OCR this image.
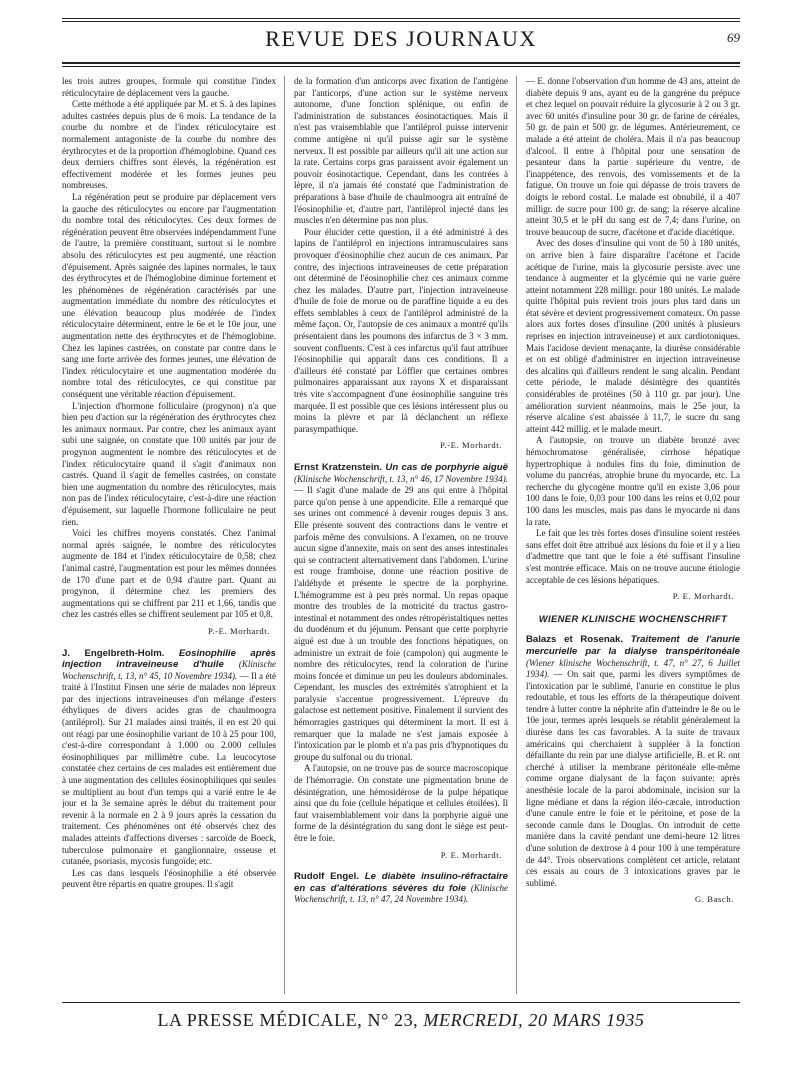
REVUE DES JOURNAUX	69

les trois autres groupes, formule qui constitue l'index réticulocytaire de déplacement vers la gauche.

Cette méthode a été appliquée par M. et S. à des lapines adultes castrées depuis plus de 6 mois. La tendance de la courbe du nombre et de l'index réticulocytaire est normalement antagoniste de la courbe du nombre des érythrocytes et de la proportion d'hémoglobine. Quand ces deux derniers chiffres sont élevés, la régénération est effectivement modérée et les formes jeunes peu nombreuses.

La régénération peut se produire par déplacement vers la gauche des réticulocytes ou encore par l'augmentation du nombre total des réticulocytes. Ces deux formes de régénération peuvent être observées indépendamment l'une de l'autre, la première constituant, surtout si le nombre absolu des réticulocytes est peu augmenté, une réaction d'épuisement. Après saignée des lapines normales, le taux des érythrocytes et de l'hémoglobine diminue fortement et les phénomènes de régénération caractérisés par une augmentation immédiate du nombre des réticulocytes et une élévation beaucoup plus modérée de l'index réticulocytaire déterminent, entre le 6e et le 10e jour, une augmentation nette des érythrocytes et de l'hémoglobine. Chez les lapines castrées, on constate par contre dans le sang une forte arrivée des formes jeunes, une élévation de l'index réticulocytaire et une augmentation modérée du nombre total des réticulocytes, ce qui constitue par conséquent une véritable réaction d'épuisement.

L'injection d'hormone folliculaire (progynon) n'a que bien peu d'action sur la régénération des érythrocytes chez les animaux normaux. Par contre, chez les animaux ayant subi une saignée, on constate que 100 unités par jour de progynon augmentent le nombre des réticulocytes et de l'index réticulocytaire quand il s'agit d'animaux non castrés. Quand il s'agit de femelles castrées, on constate bien une augmentation du nombre des réticulocytes, mais non pas de l'index réticulocytaire, c'est-à-dire une réaction d'épuisement, sur laquelle l'hormone folliculaire ne peut rien.

Voici les chiffres moyens constatés. Chez l'animal normal après saignée, le nombre des réticulocytes augmente de 184 et l'index réticulocytaire de 0,58; chez l'animal castré, l'augmentation est pour les mêmes données de 170 d'une part et de 0,94 d'autre part. Quant au progynon, il détermine chez les premiers des augmentations qui se chiffrent par 211 et 1,66, tandis que chez les castrés elles se chiffrent seulement par 105 et 0,8.

P.-E. Morhardt.

J. Engelbreth-Holm. Eosinophilie après injection intraveineuse d'huile (Klinische Wochenschrift, t. 13, n° 45, 10 Novembre 1934). — Il a été traité à l'Institut Finsen une série de malades non lépreux par des injections intraveineuses d'un mélange d'esters éthyliques de divers acides gras de chaulmoogra (antiléprol). Sur 21 malades ainsi traités, il en est 20 qui ont réagi par une éosinophilie variant de 10 à 25 pour 100, c'est-à-dire correspondant à 1.000 ou 2.000 cellules éosinophiliques par millimètre cube. La leucocytose constatée chez certains de ces malades est entièrement due à une augmentation des cellules éosinophiliques qui seules se multiplient au bout d'un temps qui a varié entre le 4e jour et la 3e semaine après le début du traitement pour revenir à la normale en 2 à 9 jours après la cessation du traitement. Ces phénomènes ont été observés chez des malades atteints d'affections diverses : sarcoïde de Boeck, tuberculose pulmonaire et ganglionnaire, osseuse et cutanée, psoriasis, mycosis fungoïde; etc.

Les cas dans lesquels l'éosinophilie a été observée peuvent être répartis en quatre groupes. Il s'agit

de la formation d'un anticorps avec fixation de l'antigène par l'anticorps, d'une action sur le système nerveux autonome, d'une fonction splénique, ou enfin de l'administration de substances éosinotactiques. Mais il n'est pas vraisemblable que l'antiléprol puisse intervenir comme antigène ni qu'il puisse agir sur le système nerveux. Il est possible par ailleurs qu'il ait une action sur la rate. Certains corps gras paraissent avoir également un pouvoir éosinotactique. Cependant, dans les contrées à lèpre, il n'a jamais été constaté que l'administration de préparations à base d'huile de chaulmoogra ait entraîné de l'éosinophilie et, d'autre part, l'antiléprol injecté dans les muscles n'en détermine pas non plus.

Pour élucider cette question, il a été administré à des lapins de l'antiléprol en injections intramusculaires sans provoquer d'éosinophilie chez aucun de ces animaux. Par contre, des injections intraveineuses de cette préparation ont déterminé de l'éosinophilie chez ces animaux comme chez les malades. D'autre part, l'injection intraveineuse d'huile de foie de morue ou de paraffine liquide a eu des effets semblables à ceux de l'antiléprol administré de la même façon. Or, l'autopsie de ces animaux a montré qu'ils présentaient dans les poumons des infarctus de 3 × 3 mm. souvent confluents. C'est à ces infarctus qu'il faut attribuer l'éosinophilie qui apparaît dans ces conditions. Il a d'ailleurs été constaté par Löffler que certaines ombres pulmonaires apparaissant aux rayons X et disparaissant très vite s'accompagnent d'une éosinophilie sanguine très marquée. Il est possible que ces lésions intéressent plus ou moins la plèvre et par là déclanchent un réflexe parasympathique.

P.-E. Morhardt.

Ernst Kratzenstein. Un cas de porphyrie aiguë (Klinische Wochenschrift, t. 13, n° 46, 17 Novembre 1934). — Il s'agit d'une malade de 29 ans qui entre à l'hôpital parce qu'on pense à une appendicite. Elle a remarqué que ses urines ont commencé à devenir rouges depuis 3 ans. Elle présente souvent des contractions dans le ventre et parfois même des convulsions. A l'examen, on ne trouve aucun signe d'annexite, mais on sent des anses intestinales qui se contractent alternativement dans l'abdomen. L'urine est rouge framboise, donne une réaction positive de l'aldéhyde et présente le spectre de la porphyrine. L'hémogramme est à peu près normal. Un repas opaque montre des troubles de la motricité du tractus gastro-intestinal et notamment des ondes rétropéristaltiques nettes du duodénum et du jéjunum. Pensant que cette porphyrie aiguë est due à un trouble des fonctions hépatiques, on administre un extrait de foie (campolon) qui augmente le nombre des réticulocytes, rend la coloration de l'urine moins foncée et diminue un peu les douleurs abdominales. Cependant, les muscles des extrémités s'atrophient et la paralysie s'accentue progressivement. L'épreuve du galactose est nettement positive. Finalement il survient des hémorragies gastriques qui déterminent la mort. Il est à remarquer que la malade ne s'est jamais exposée à l'intoxication par le plomb et n'a pas pris d'hypnotiques du groupe du sulfonal ou du trional.

A l'autopsie, on ne trouve pas de source macroscopique de l'hémorragie. On constate une pigmentation brune de désintégration, une hémosidérose de la pulpe hépatique ainsi que du foie (cellule hépatique et cellules étoilées). Il faut vraisemblablement voir dans la porphyrie aiguë une forme de la désintégration du sang dont le siège est peut-être le foie.

P. E. Morhardt.

Rudolf Engel. Le diabète insulino-réfractaire en cas d'altérations sévères du foie (Klinische Wochenschrift, t. 13, n° 47, 24 Novembre 1934).

— E. donne l'observation d'un homme de 43 ans, atteint de diabète depuis 9 ans, ayant eu de la gangrène du prépuce et chez lequel on pouvait réduire la glycosurie à 2 ou 3 gr. avec 60 unités d'insuline pour 30 gr. de farine de céréales, 50 gr. de pain et 500 gr. de légumes. Antérieurement, ce malade a été atteint de choléra. Mais il n'a pas beaucoup d'alcool. Il entre à l'hôpital pour une sensation de pesanteur dans la partie supérieure du ventre, de l'inappétence, des renvois, des vomissements et de la fatigue. On trouve un foie qui dépasse de trois travers de doigts le rebord costal. Le malade est obnubilé, il a 407 milligr. de sucre pour 100 gr. de sang; la réserve alcaline atteint 30,5 et le pH du sang est de 7,4; dans l'urine, on trouve beaucoup de sucre, d'acétone et d'acide diacétique.

Avec des doses d'insuline qui vont de 50 à 180 unités, on arrive bien à faire disparaître l'acétone et l'acide acétique de l'urine, mais la glycosurie persiste avec une tendance à augmenter et la glycémie qui ne varie guère atteint notamment 228 milligr. pour 180 unités. Le malade quitte l'hôpital puis revient trois jours plus tard dans un état sévère et devient progressivement comateux. On passe alors aux fortes doses d'insuline (200 unités à plusieurs reprises en injection intraveineuse) et aux cardiotoniques. Mais l'acidose devient menaçante, la diurèse considérable et on est obligé d'administrer en injection intraveineuse des alcalins qui d'ailleurs rendent le sang alcalin. Pendant cette période, le malade désintègre des quantités considérables de protéines (50 à 110 gr. par jour). Une amélioration survient néanmoins, mais le 25e jour, la réserve alcaline s'est abaissée à 11,7, le sucre du sang atteint 442 millig. et le malade meurt.

A l'autopsie, on trouve un diabète bronzé avec hémochromatose généralisée, cirrhose hépatique hypertrophique à nodules fins du foie, diminution de volume du pancréas, atrophie brune du myocarde, etc. La recherche du glycogène montre qu'il en existe 3,06 pour 100 dans le foie, 0,03 pour 100 dans les reins et 0,02 pour 100 dans les muscles, mais pas dans le myocarde ni dans la rate.

Le fait que les très fortes doses d'insuline soient restées sans effet doit être attribué aux lésions du foie et il y a lieu d'admettre que tant que le foie a été suffisant l'insuline s'est montrée efficace. Mais on ne trouve aucune étiologie acceptable de ces lésions hépatiques.

P. E. Morhardt.

WIENER KLINISCHE WOCHENSCHRIFT

Balazs et Rosenak. Traitement de l'anurie mercurielle par la dialyse transpéritonéale (Wiener klinische Wochenschrift, t. 47, n° 27, 6 Juillet 1934). — On sait que, parmi les divers symptômes de l'intoxication par le sublimé, l'anurie en constitue le plus redoutable, et tous les efforts de la thérapeutique doivent tendre à lutter contre la néphrite afin d'atteindre le 8e ou le 10e jour, termes après lesquels se rétablit généralement la diurèse dans les cas favorables. A la suite de travaux américains qui cherchaient à suppléer à la fonction défaillante du rein par une dialyse artificielle, B. et R. ont cherché à utiliser la membrane péritonéale elle-même comme organe dialysant de la façon suivante: après anesthésie locale de la paroi abdominale, incision sur la ligne médiane et dans la région iléo-cæcale, introduction d'une canule entre le foie et le péritoine, et pose de la seconde canule dans le Douglas. On introduit de cette manière dans la cavité pendant une demi-heure 12 litres d'une solution de dextrose à 4 pour 100 à une température de 44°. Trois observations complètent cet article, relatant ces essais au cours de 3 intoxications graves par le sublimé.

G. Basch.
LA PRESSE MÉDICALE, N° 23, MERCREDI, 20 MARS 1935
